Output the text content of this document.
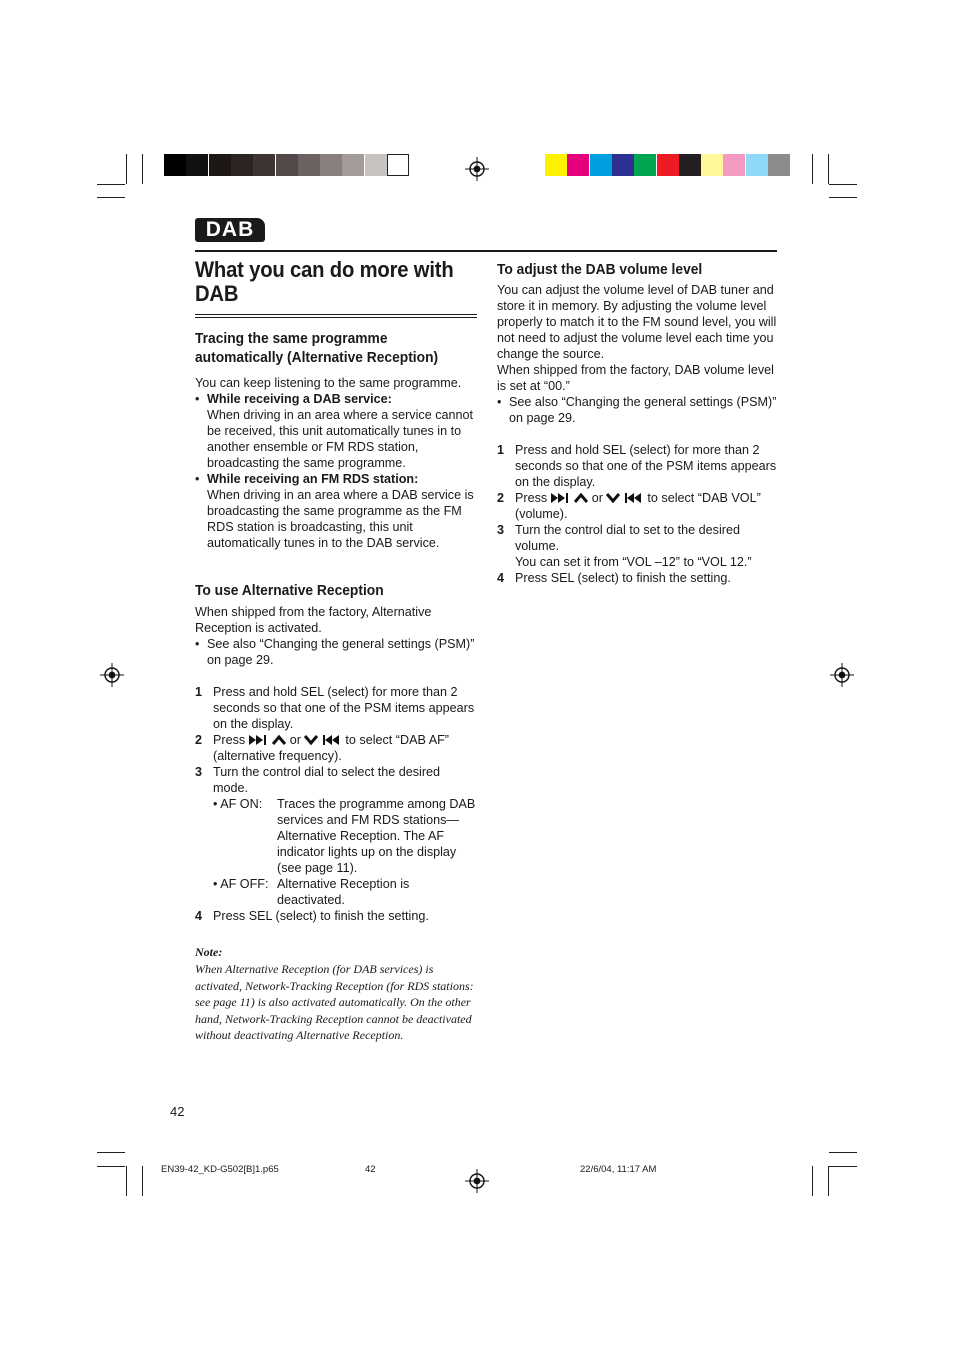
DAB
What you can do more with DAB
Tracing the same programme automatically (Alternative Reception)

You can keep listening to the same programme.

• While receiving a DAB service:
When driving in an area where a service cannot be received, this unit automatically tunes in to another ensemble or FM RDS station, broadcasting the same programme.
• While receiving an FM RDS station:
When driving in an area where a DAB service is broadcasting the same programme as the FM RDS station is broadcasting, this unit automatically tunes in to the DAB service.
To use Alternative Reception

When shipped from the factory, Alternative Reception is activated.

• See also “Changing the general settings (PSM)” on page 29.
1 Press and hold SEL (select) for more than 2 seconds so that one of the PSM items appears on the display.
2 Press	or	to select “DAB AF” (alternative frequency).
3 Turn the control dial to select the desired mode.
• AF ON: Traces the programme among DAB services and FM RDS stations—Alternative Reception. The AF indicator lights up on the display (see page 11).
• AF OFF: Alternative Reception is deactivated.
4 Press SEL (select) to finish the setting.
Note:
When Alternative Reception (for DAB services) is activated, Network-Tracking Reception (for RDS stations: see page 11) is also activated automatically. On the other hand, Network-Tracking Reception cannot be deactivated without deactivating Alternative Reception.
To adjust the DAB volume level

You can adjust the volume level of DAB tuner and store it in memory. By adjusting the volume level properly to match it to the FM sound level, you will not need to adjust the volume level each time you change the source.

When shipped from the factory, DAB volume level is set at “00.”

• See also “Changing the general settings (PSM)” on page 29.
1 Press and hold SEL (select) for more than 2 seconds so that one of the PSM items appears on the display.
2 Press	or	to select “DAB VOL” (volume).
3 Turn the control dial to set to the desired volume.
You can set it from “VOL –12” to “VOL 12.”
4 Press SEL (select) to finish the setting.
42
EN39-42_KD-G502[B]1.p65	42	22/6/04, 11:17 AM
